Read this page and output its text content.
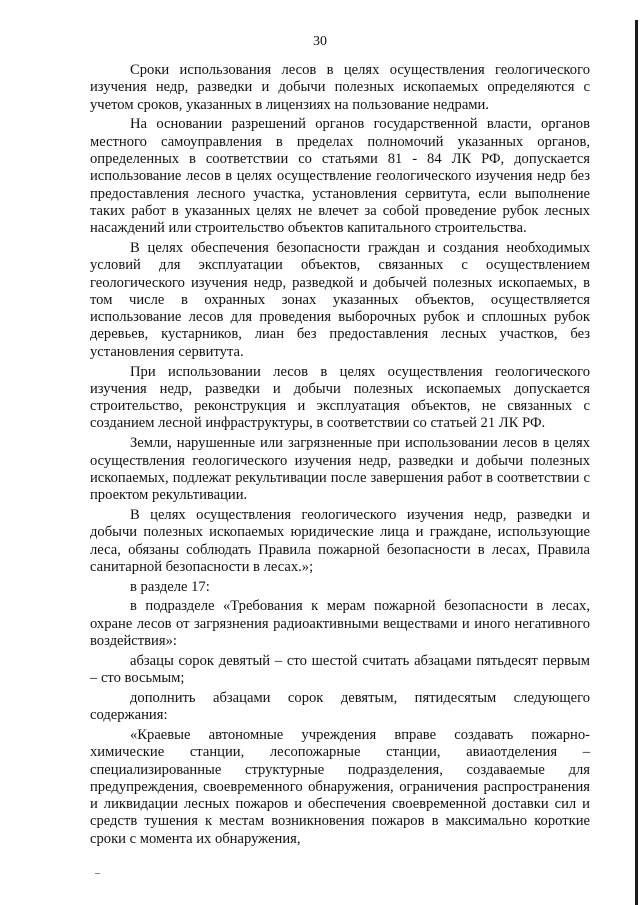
30

Сроки использования лесов в целях осуществления геологического изучения недр, разведки и добычи полезных ископаемых определяются с учетом сроков, указанных в лицензиях на пользование недрами.

На основании разрешений органов государственной власти, органов местного самоуправления в пределах полномочий указанных органов, определенных в соответствии со статьями 81 - 84 ЛК РФ, допускается использование лесов в целях осуществление геологического изучения недр без предоставления лесного участка, установления сервитута, если выполнение таких работ в указанных целях не влечет за собой проведение рубок лесных насаждений или строительство объектов капитального строительства.

В целях обеспечения безопасности граждан и создания необходимых условий для эксплуатации объектов, связанных с осуществлением геологического изучения недр, разведкой и добычей полезных ископаемых, в том числе в охранных зонах указанных объектов, осуществляется использование лесов для проведения выборочных рубок и сплошных рубок деревьев, кустарников, лиан без предоставления лесных участков, без установления сервитута.

При использовании лесов в целях осуществления геологического изучения недр, разведки и добычи полезных ископаемых допускается строительство, реконструкция и эксплуатация объектов, не связанных с созданием лесной инфраструктуры, в соответствии со статьей 21 ЛК РФ.

Земли, нарушенные или загрязненные при использовании лесов в целях осуществления геологического изучения недр, разведки и добычи полезных ископаемых, подлежат рекультивации после завершения работ в соответствии с проектом рекультивации.

В целях осуществления геологического изучения недр, разведки и добычи полезных ископаемых юридические лица и граждане, использующие леса, обязаны соблюдать Правила пожарной безопасности в лесах, Правила санитарной безопасности в лесах.»;

в разделе 17:

в подразделе «Требования к мерам пожарной безопасности в лесах, охране лесов от загрязнения радиоактивными веществами и иного негативного воздействия»:

абзацы сорок девятый – сто шестой считать абзацами пятьдесят первым – сто восьмым;

дополнить абзацами сорок девятым, пятидесятым следующего содержания:

«Краевые автономные учреждения вправе создавать пожарно-химические станции, лесопожарные станции, авиаотделения – специализированные структурные подразделения, создаваемые для предупреждения, своевременного обнаружения, ограничения распространения и ликвидации лесных пожаров и обеспечения своевременной доставки сил и средств тушения к местам возникновения пожаров в максимально короткие сроки с момента их обнаружения,
